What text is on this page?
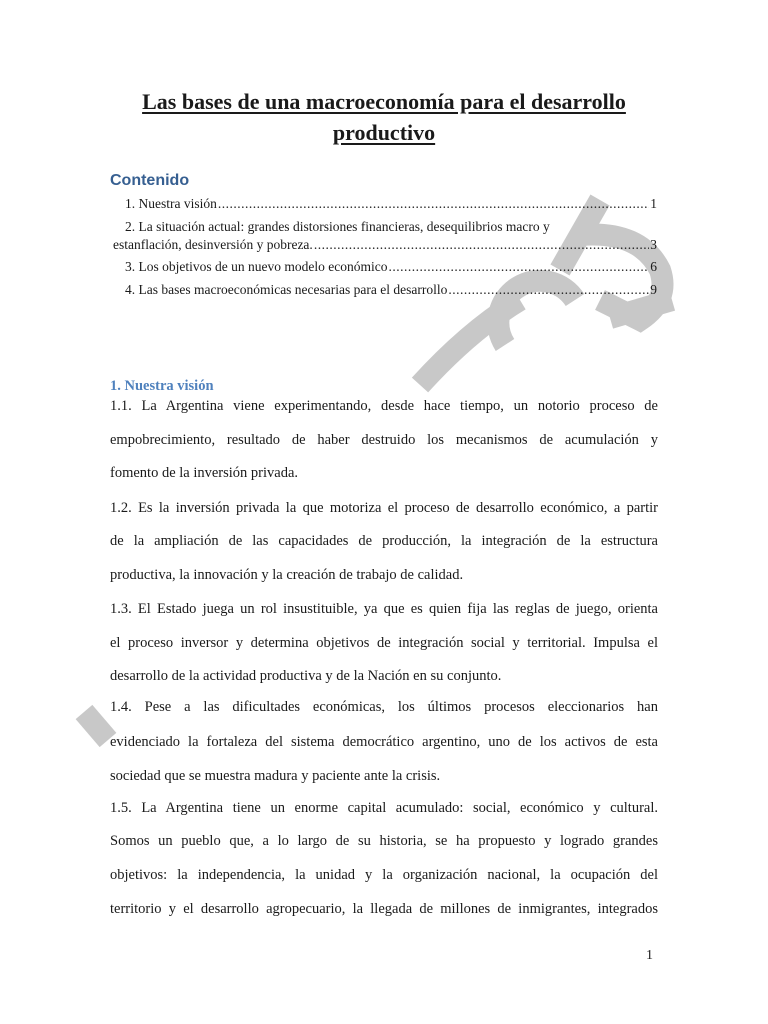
Las bases de una macroeconomía para el desarrollo
productivo
Contenido
1. Nuestra visión .....	1
2. La situación actual: grandes distorsiones financieras, desequilibrios macro y
estanflación, desinversión y pobreza. .....	3
3. Los objetivos de un nuevo modelo económico .....	6
4. Las bases macroeconómicas necesarias para el desarrollo .....	9
1. Nuestra visión
1.1. La Argentina viene experimentando, desde hace tiempo, un notorio proceso de
empobrecimiento, resultado de haber destruido los mecanismos de acumulación y
fomento de la inversión privada.
1.2. Es la inversión privada la que motoriza el proceso de desarrollo económico, a partir
de la ampliación de las capacidades de producción, la integración de la estructura
productiva, la innovación y la creación de trabajo de calidad.
1.3. El Estado juega un rol insustituible, ya que es quien fija las reglas de juego, orienta
el proceso inversor y determina objetivos de integración social y territorial. Impulsa el
desarrollo de la actividad productiva y de la Nación en su conjunto.
1.4. Pese a las dificultades económicas, los últimos procesos eleccionarios han
evidenciado la fortaleza del sistema democrático argentino, uno de los activos de esta
sociedad que se muestra madura y paciente ante la crisis.
1.5. La Argentina tiene un enorme capital acumulado: social, económico y cultural.
Somos un pueblo que, a lo largo de su historia, se ha propuesto y logrado grandes
objetivos: la independencia, la unidad y la organización nacional, la ocupación del
territorio y el desarrollo agropecuario, la llegada de millones de inmigrantes, integrados
1
